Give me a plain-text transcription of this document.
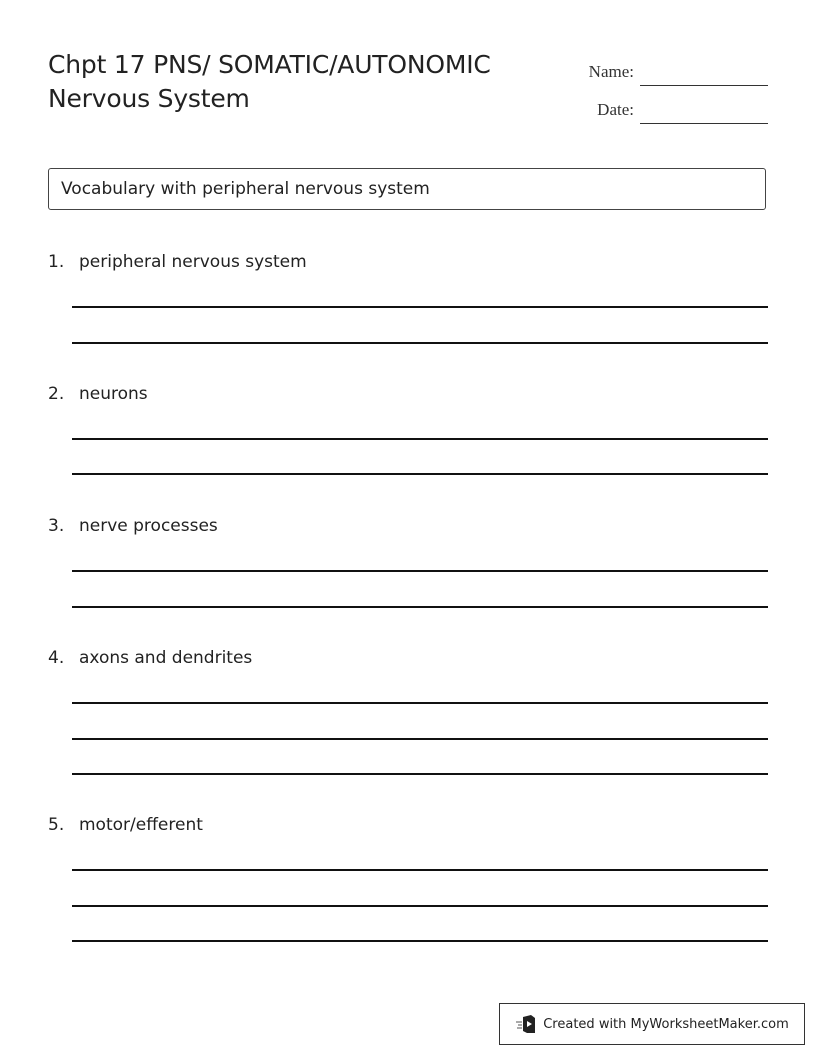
Chpt 17 PNS/ SOMATIC/AUTONOMIC
Nervous System
Name:
Date:
Vocabulary with peripheral nervous system
1. peripheral nervous system
2. neurons
3. nerve processes
4. axons and dendrites
5. motor/efferent
Created with MyWorksheetMaker.com
